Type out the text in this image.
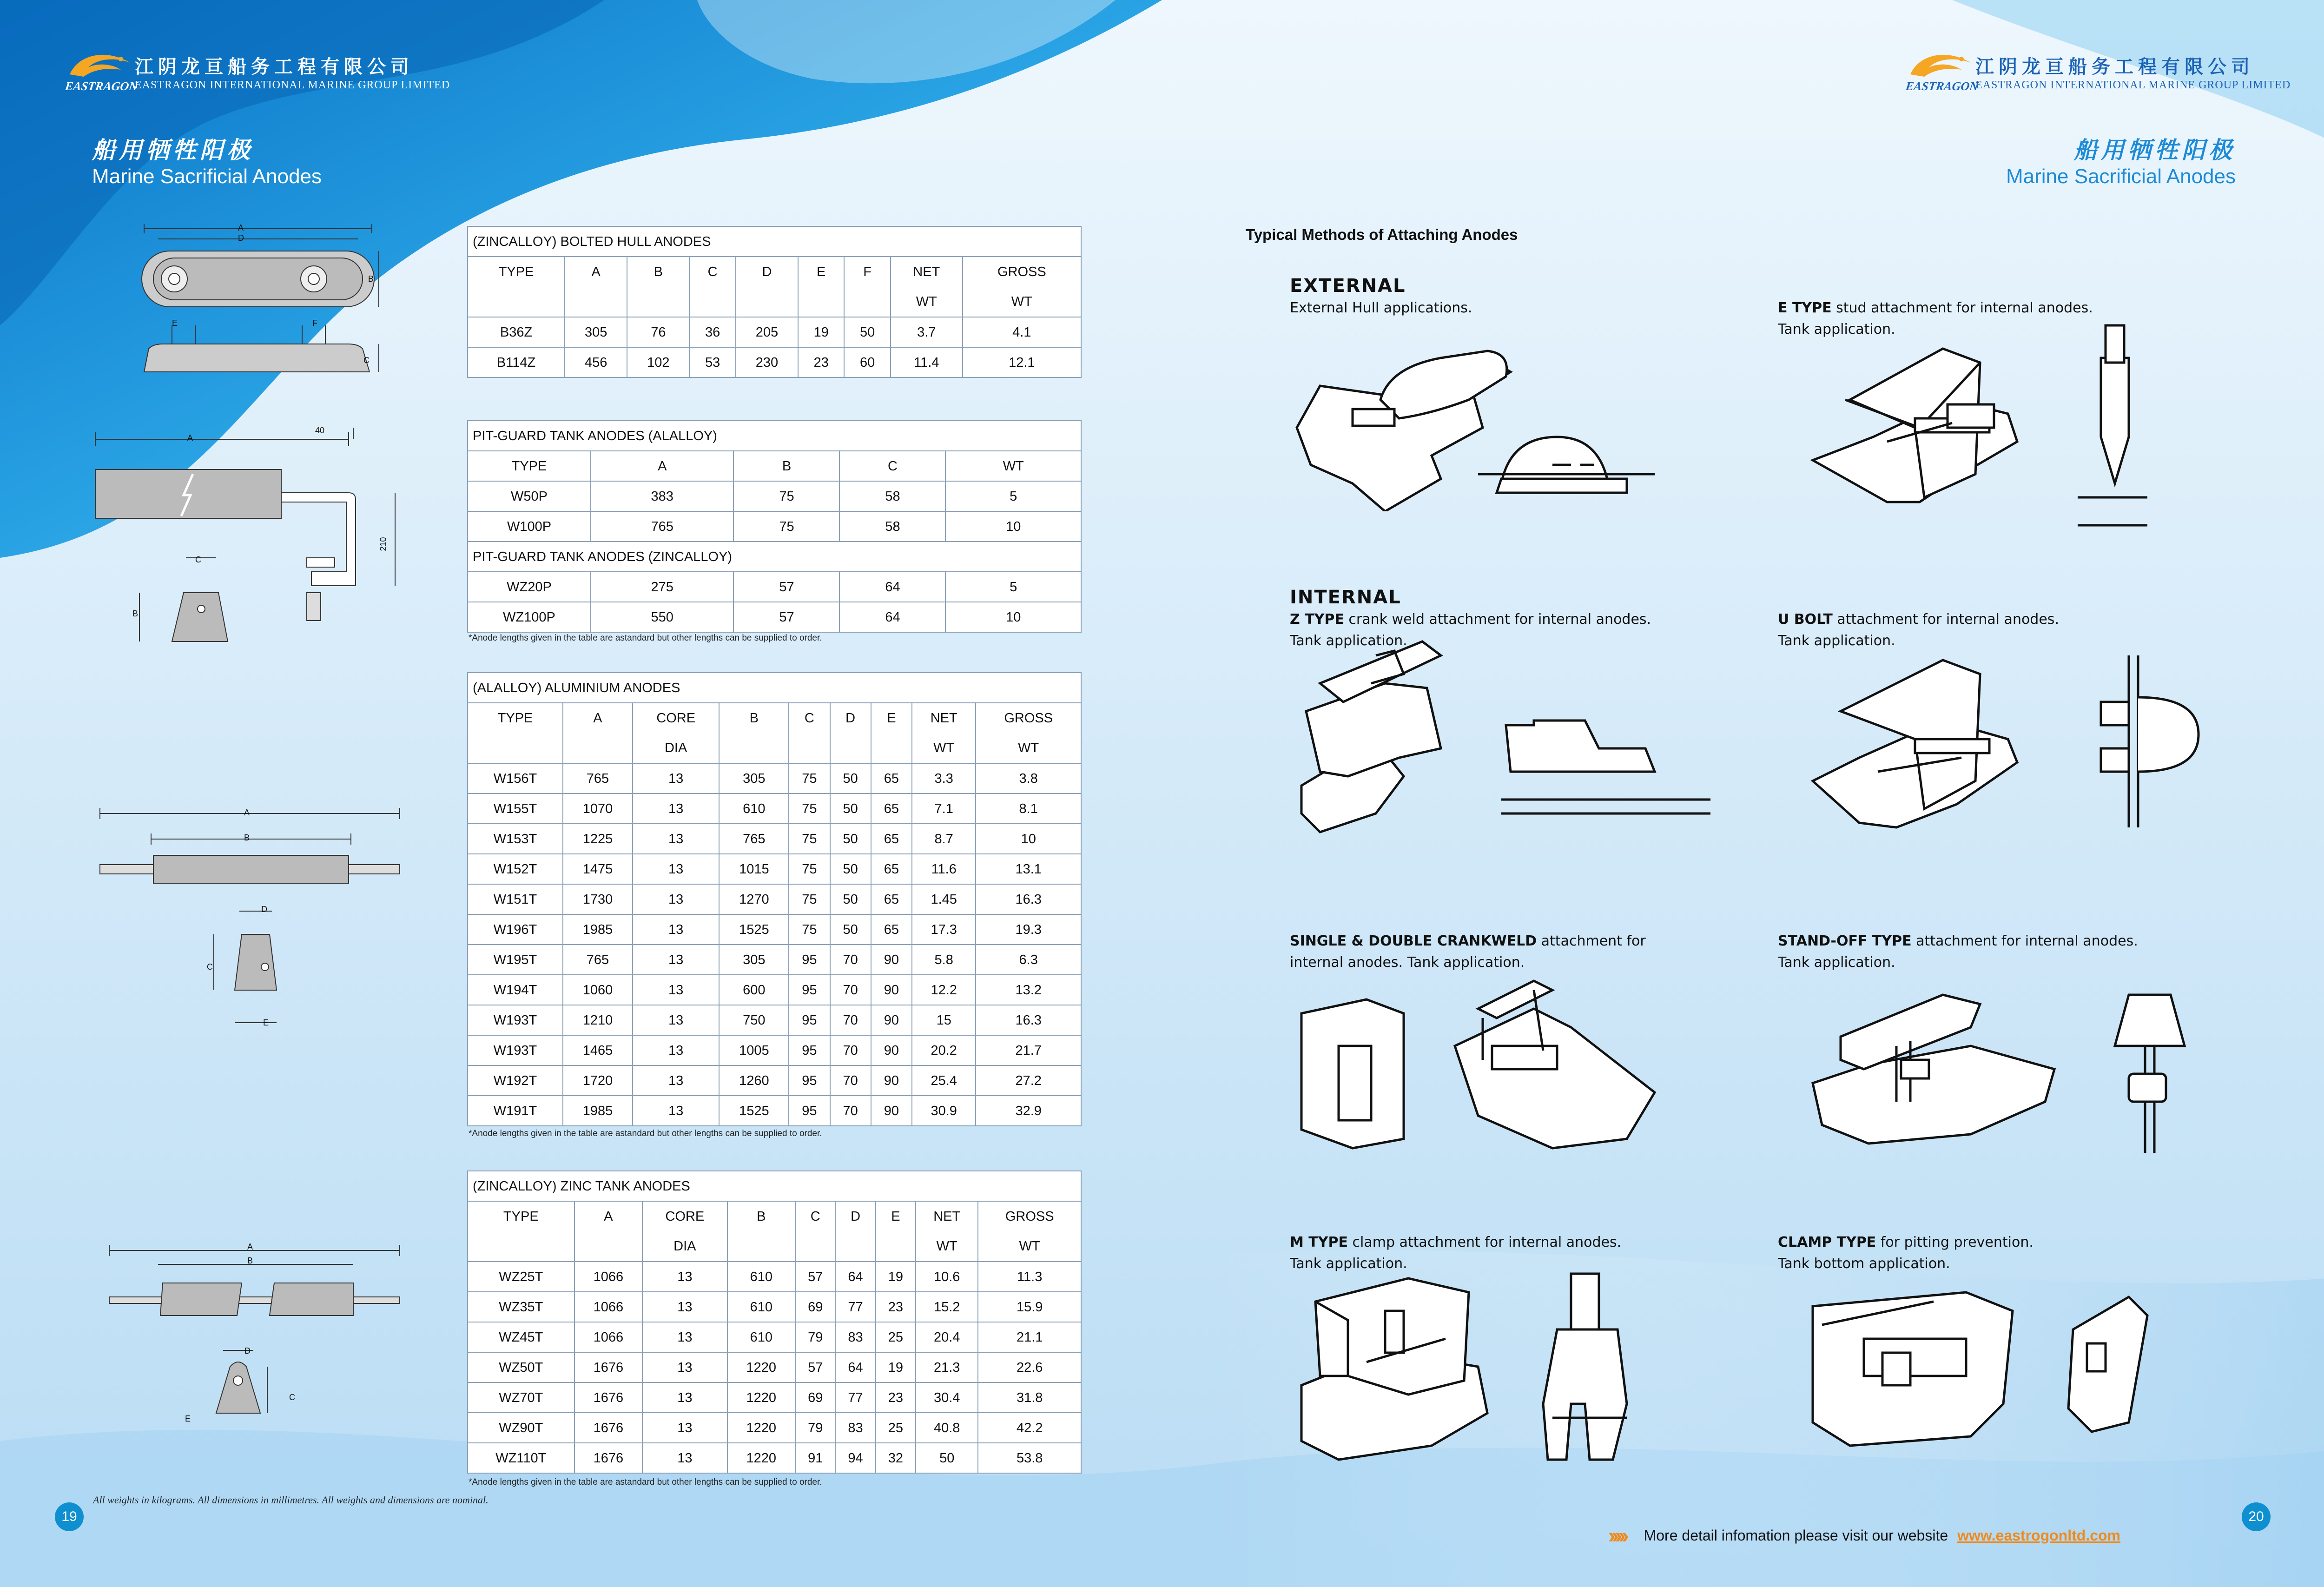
EASTRAGON
江阴龙亘船务工程有限公司
EASTRAGON INTERNATIONAL MARINE GROUP LIMITED
船用牺牲阳极
Marine Sacrificial Anodes
EASTRAGON
江阴龙亘船务工程有限公司
EASTRAGON INTERNATIONAL MARINE GROUP LIMITED
船用牺牲阳极
Marine Sacrificial Anodes
A
D
B
E	F
C
A
40
210
C
B
A
B
D
C
E
A
B
D
C
E
(ZINCALLOY) BOLTED HULL ANODES								
TYPE	A	B	C	D	E	F	NET	GROSS
							WT	WT
B36Z	305	76	36	205	19	50	3.7	4.1
B114Z	456	102	53	230	23	60	11.4	12.1
PIT-GUARD TANK ANODES (ALALLOY)				
TYPE	A	B	C	WT
W50P	383	75	58	5
W100P	765	75	58	10
PIT-GUARD TANK ANODES (ZINCALLOY)				
WZ20P	275	57	64	5
WZ100P	550	57	64	10
*Anode lengths given in the table are astandard but other lengths can be supplied to order.
(ALALLOY) ALUMINIUM ANODES								
TYPE	A	CORE	B	C	D	E	NET	GROSS
		DIA					WT	WT
W156T	765	13	305	75	50	65	3.3	3.8
W155T	1070	13	610	75	50	65	7.1	8.1
W153T	1225	13	765	75	50	65	8.7	10
W152T	1475	13	1015	75	50	65	11.6	13.1
W151T	1730	13	1270	75	50	65	1.45	16.3
W196T	1985	13	1525	75	50	65	17.3	19.3
W195T	765	13	305	95	70	90	5.8	6.3
W194T	1060	13	600	95	70	90	12.2	13.2
W193T	1210	13	750	95	70	90	15	16.3
W193T	1465	13	1005	95	70	90	20.2	21.7
W192T	1720	13	1260	95	70	90	25.4	27.2
W191T	1985	13	1525	95	70	90	30.9	32.9
*Anode lengths given in the table are astandard but other lengths can be supplied to order.
(ZINCALLOY) ZINC TANK ANODES								
TYPE	A	CORE	B	C	D	E	NET	GROSS
		DIA					WT	WT
WZ25T	1066	13	610	57	64	19	10.6	11.3
WZ35T	1066	13	610	69	77	23	15.2	15.9
WZ45T	1066	13	610	79	83	25	20.4	21.1
WZ50T	1676	13	1220	57	64	19	21.3	22.6
WZ70T	1676	13	1220	69	77	23	30.4	31.8
WZ90T	1676	13	1220	79	83	25	40.8	42.2
WZ110T	1676	13	1220	91	94	32	50	53.8
*Anode lengths given in the table are astandard but other lengths can be supplied to order.
19
All weights in kilograms. All dimensions in millimetres. All weights and dimensions are nominal.
Typical Methods of Attaching Anodes
EXTERNAL
External Hull applications.	E TYPE stud attachment for internal anodes.
Tank application.
INTERNAL
Z TYPE crank weld attachment for internal anodes.
Tank application.
U BOLT attachment for internal anodes.
Tank application.
SINGLE & DOUBLE CRANKWELD attachment for
internal anodes. Tank application.
STAND-OFF TYPE attachment for internal anodes.
Tank application.
M TYPE clamp attachment for internal anodes.
Tank application.
CLAMP TYPE for pitting prevention.
Tank bottom application.
››››› More detail infomation please visit our website www.eastrogonltd.com
20
